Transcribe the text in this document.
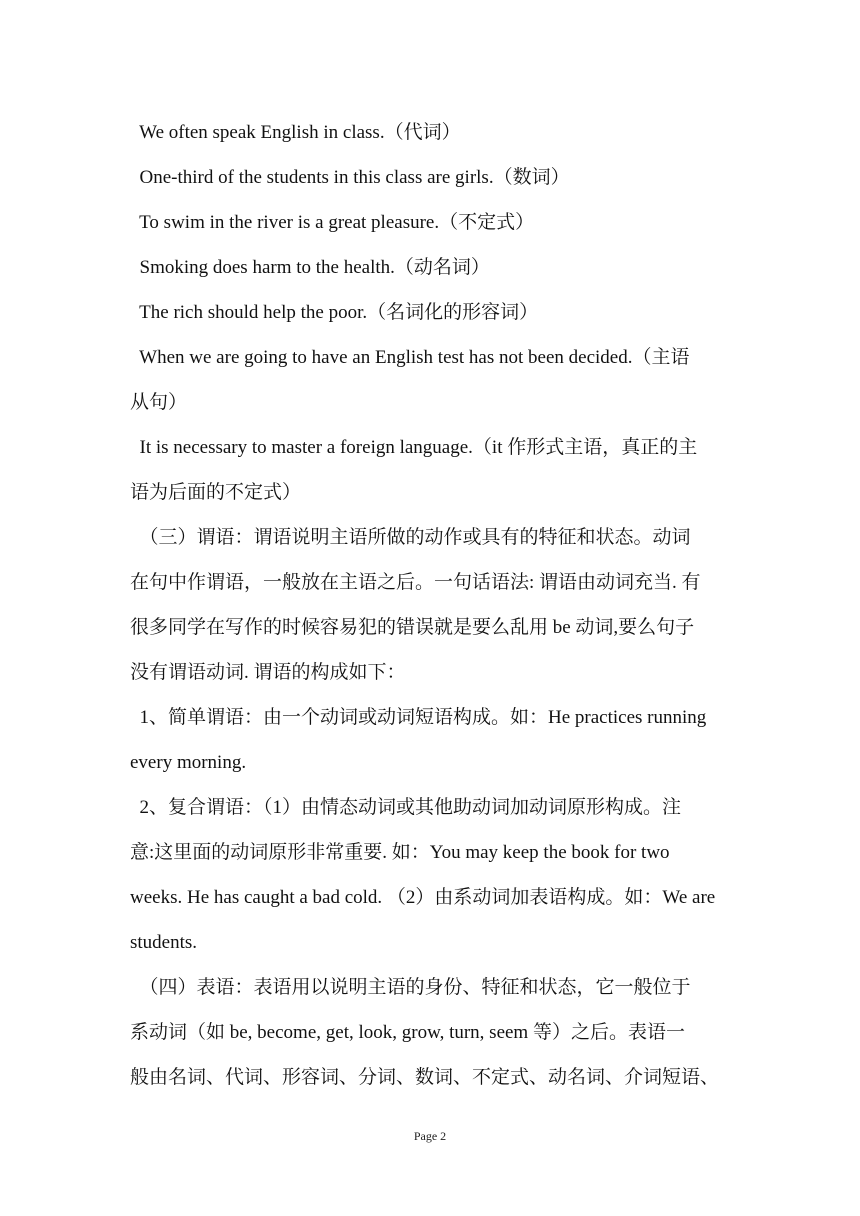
We often speak English in class.（代词）
One-third of the students in this class are girls.（数词）
To swim in the river is a great pleasure.（不定式）
Smoking does harm to the health.（动名词）
The rich should help the poor.（名词化的形容词）
When we are going to have an English test has not been decided.（主语
从句）
It is necessary to master a foreign language.（it 作形式主语，真正的主
语为后面的不定式）
（三）谓语：谓语说明主语所做的动作或具有的特征和状态。动词
在句中作谓语，一般放在主语之后。一句话语法: 谓语由动词充当. 有
很多同学在写作的时候容易犯的错误就是要么乱用 be 动词,要么句子
没有谓语动词. 谓语的构成如下：
1、简单谓语：由一个动词或动词短语构成。如：He practices running
every morning.
2、复合谓语：（1）由情态动词或其他助动词加动词原形构成。注
意:这里面的动词原形非常重要. 如：You may keep the book for two
weeks. He has caught a bad cold. （2）由系动词加表语构成。如：We are
students.
（四）表语：表语用以说明主语的身份、特征和状态，它一般位于
系动词（如 be, become, get, look, grow, turn, seem 等）之后。表语一
般由名词、代词、形容词、分词、数词、不定式、动名词、介词短语、
Page 2
